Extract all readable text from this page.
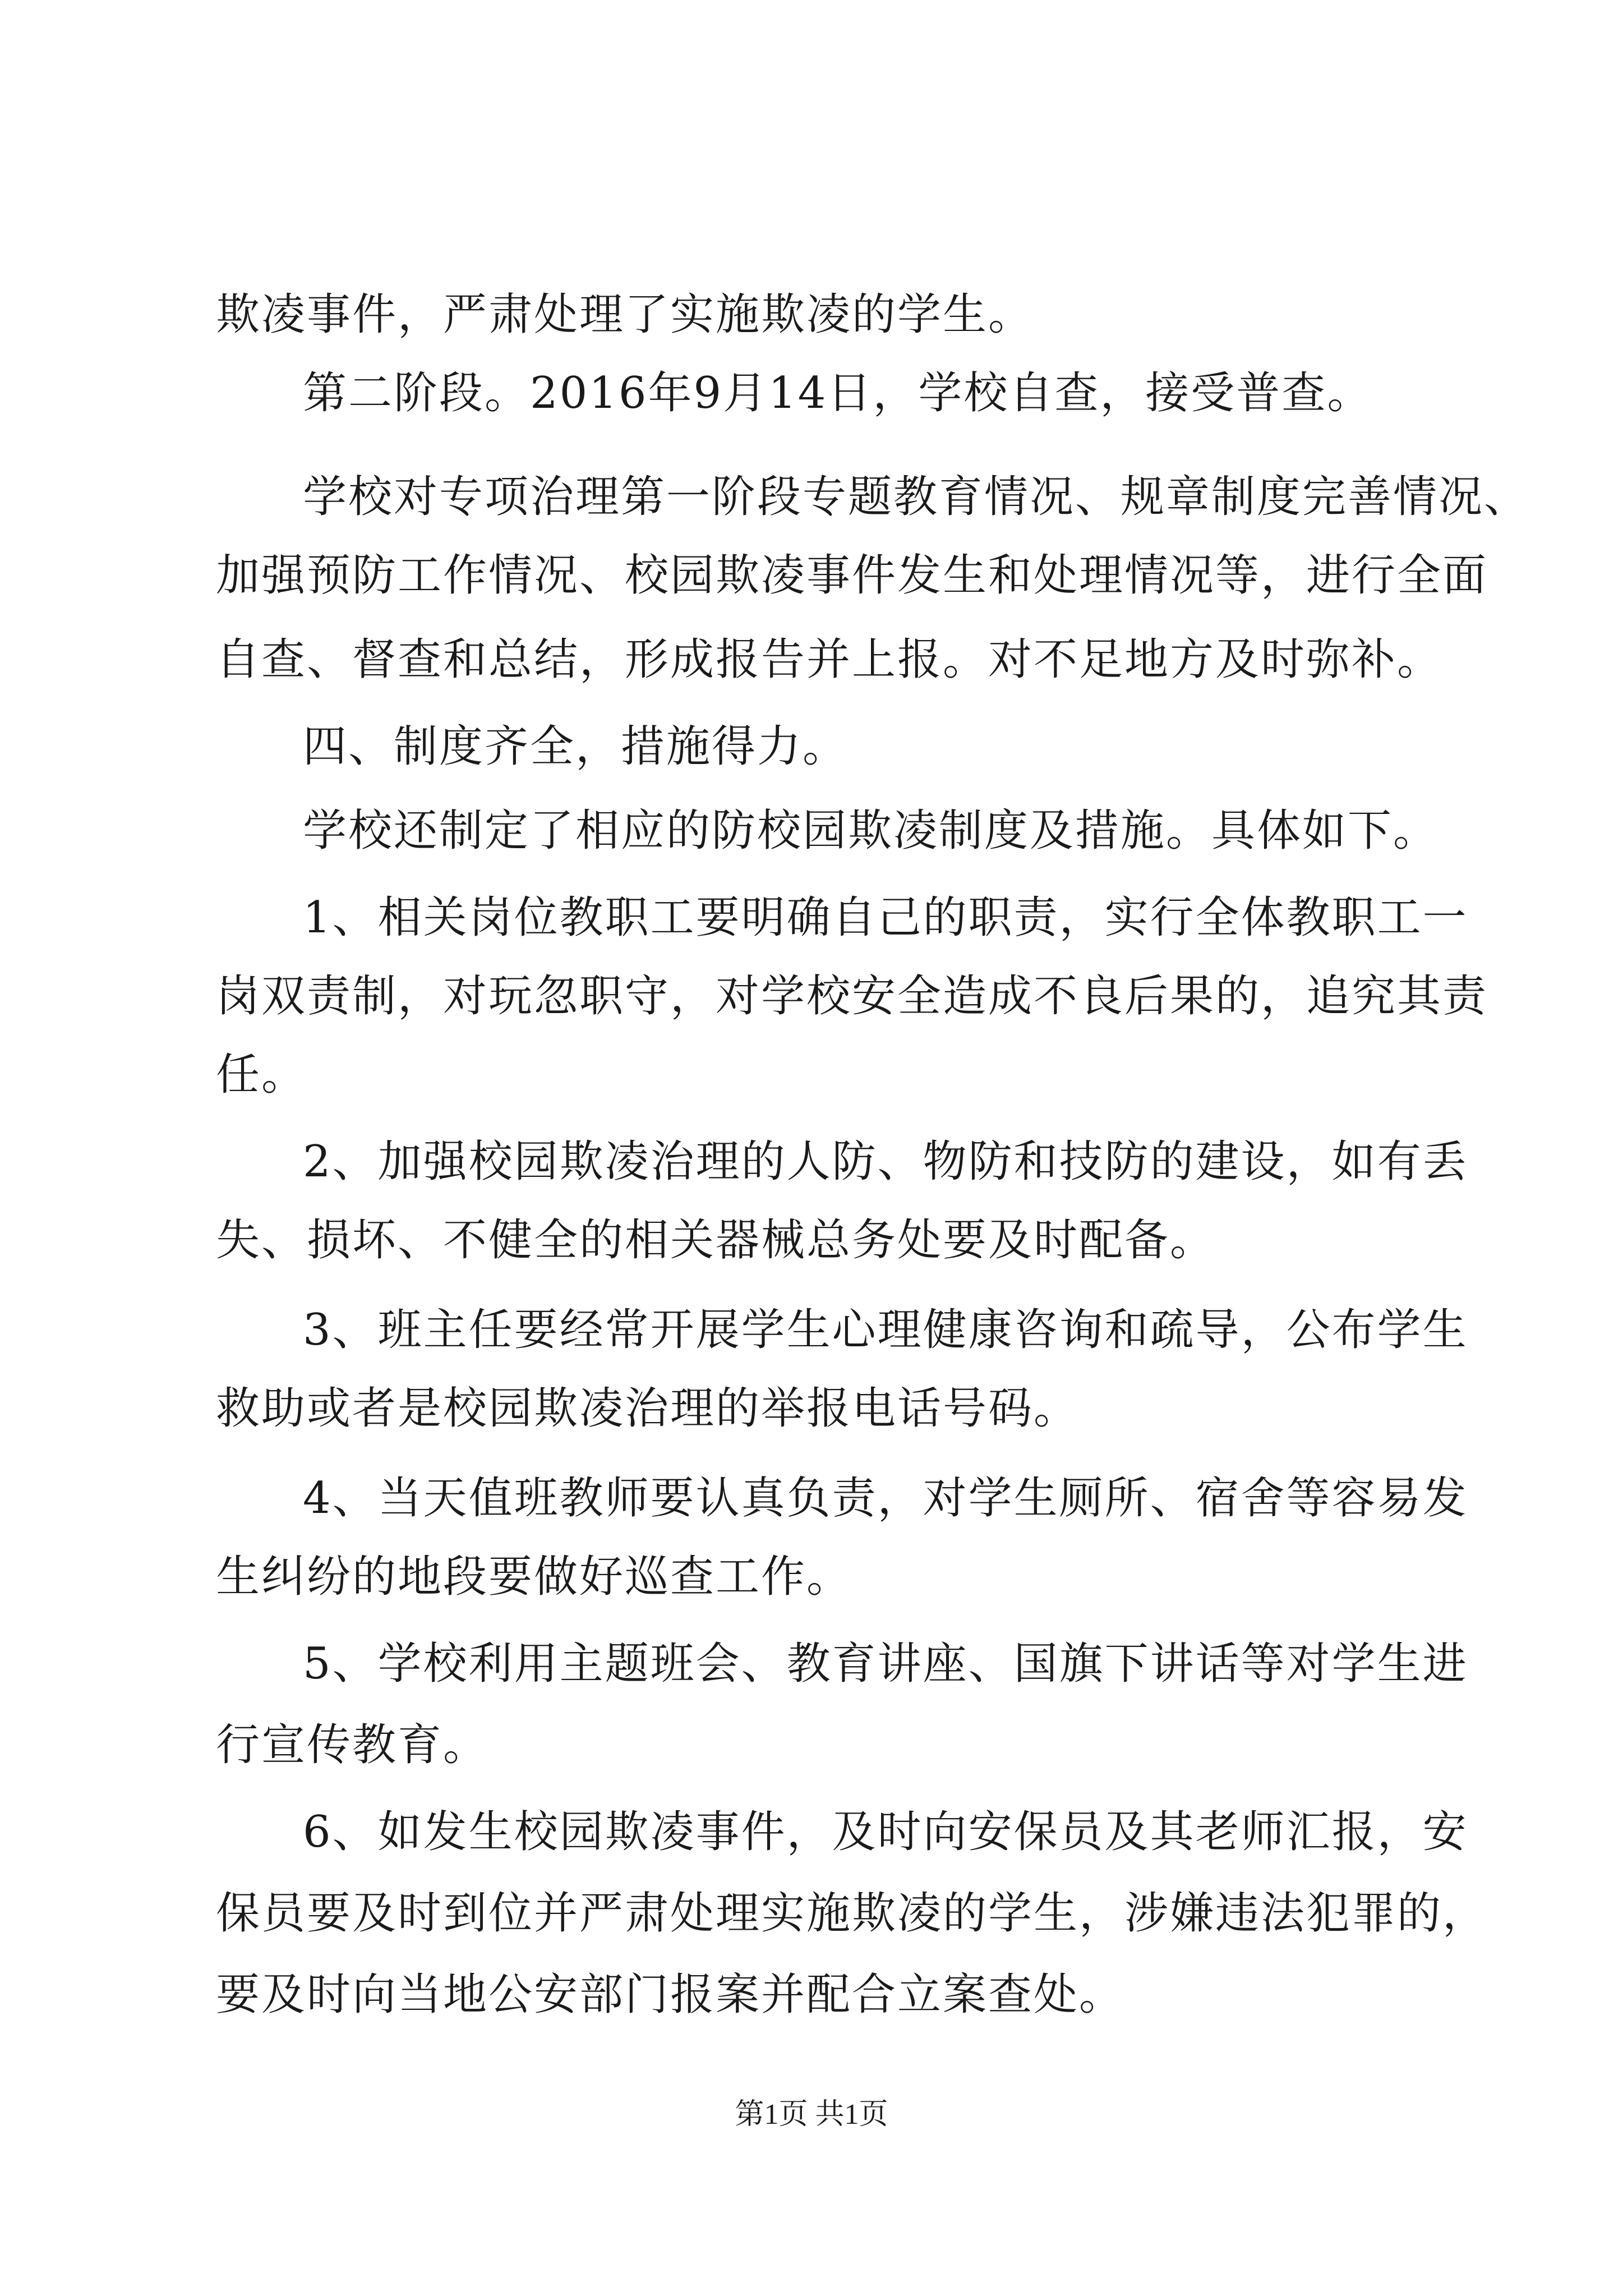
欺凌事件，严肃处理了实施欺凌的学生。
第二阶段。2016年9月14日，学校自查，接受普查。
学校对专项治理第一阶段专题教育情况、规章制度完善情况、
加强预防工作情况、校园欺凌事件发生和处理情况等，进行全面
自查、督查和总结，形成报告并上报。对不足地方及时弥补。
四、制度齐全，措施得力。
学校还制定了相应的防校园欺凌制度及措施。具体如下。
1、相关岗位教职工要明确自己的职责，实行全体教职工一
岗双责制，对玩忽职守，对学校安全造成不良后果的，追究其责
任。
2、加强校园欺凌治理的人防、物防和技防的建设，如有丢
失、损坏、不健全的相关器械总务处要及时配备。
3、班主任要经常开展学生心理健康咨询和疏导，公布学生
救助或者是校园欺凌治理的举报电话号码。
4、当天值班教师要认真负责，对学生厕所、宿舍等容易发
生纠纷的地段要做好巡查工作。
5、学校利用主题班会、教育讲座、国旗下讲话等对学生进
行宣传教育。
6、如发生校园欺凌事件，及时向安保员及其老师汇报，安
保员要及时到位并严肃处理实施欺凌的学生，涉嫌违法犯罪的，
要及时向当地公安部门报案并配合立案查处。
第1页 共1页
